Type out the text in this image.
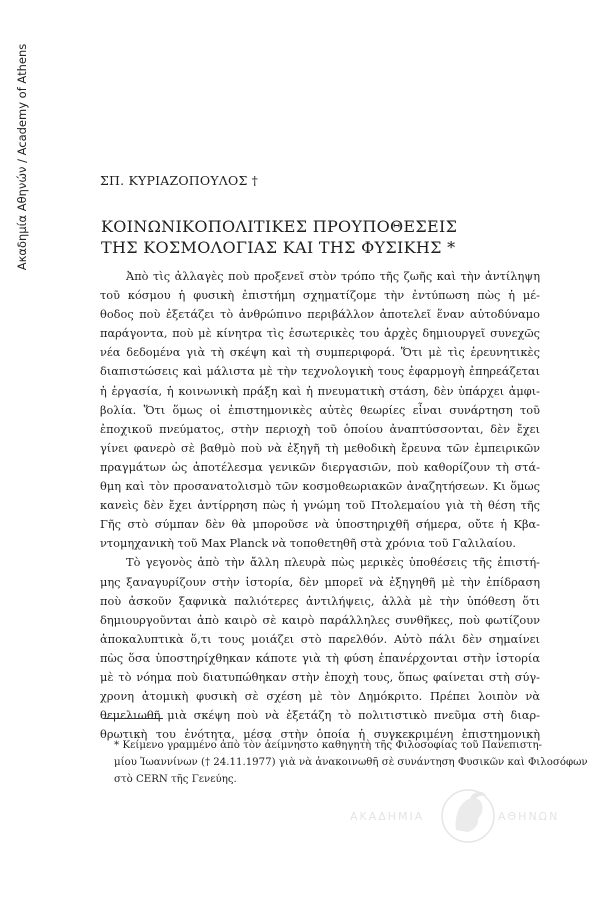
Ακαδημία Αθηνών / Academy of Athens	ΣΠ. ΚΥΡΙΑΖΟΠΟΥΛΟΣ †
ΚΟΙΝΩΝΙΚΟΠΟΛΙΤΙΚΕΣ ΠΡΟΥΠΟΘΕΣΕΙΣ
ΤΗΣ ΚΟΣΜΟΛΟΓΙΑΣ ΚΑΙ ΤΗΣ ΦΥΣΙΚΗΣ *
Ἀπὸ τὶς ἀλλαγὲς ποὺ προξενεῖ στὸν τρόπο τῆς ζωῆς καὶ τὴν ἀντίληψη
τοῦ κόσμου ἡ φυσικὴ ἐπιστήμη σχηματίζομε τὴν ἐντύπωση πὼς ἡ μέ-
θοδος ποὺ ἐξετάζει τὸ ἀνθρώπινο περιβάλλον ἀποτελεῖ ἕναν αὐτοδύναμο
παράγοντα, ποὺ μὲ κίνητρα τὶς ἐσωτερικὲς του ἀρχὲς δημιουργεῖ συνεχῶς
νέα δεδομένα γιὰ τὴ σκέψη καὶ τὴ συμπεριφορά. Ὅτι μὲ τὶς ἐρευνητικὲς
διαπιστώσεις καὶ μάλιστα μὲ τὴν τεχνολογικὴ τους ἐφαρμογὴ ἐπηρεάζεται
ἡ ἐργασία, ἡ κοινωνικὴ πράξη καὶ ἡ πνευματικὴ στάση, δὲν ὑπάρχει ἀμφι-
βολία. Ὅτι ὅμως οἱ ἐπιστημονικὲς αὐτὲς θεωρίες εἶναι συνάρτηση τοῦ
ἐποχικοῦ πνεύματος, στὴν περιοχὴ τοῦ ὁποίου ἀναπτύσσονται, δὲν ἔχει
γίνει φανερὸ σὲ βαθμὸ ποὺ νὰ ἐξηγῆ τὴ μεθοδικὴ ἔρευνα τῶν ἐμπειρικῶν
πραγμάτων ὡς ἀποτέλεσμα γενικῶν διεργασιῶν, ποὺ καθορίζουν τὴ στά-
θμη καὶ τὸν προσανατολισμὸ τῶν κοσμοθεωριακῶν ἀναζητήσεων. Κι ὅμως
κανεὶς δὲν ἔχει ἀντίρρηση πὼς ἡ γνώμη τοῦ Πτολεμαίου γιὰ τὴ θέση τῆς
Γῆς στὸ σύμπαν δὲν θὰ μποροῦσε νὰ ὑποστηριχθῆ σήμερα, οὔτε ἡ Κβα-
ντομηχανικὴ τοῦ Max Planck νὰ τοποθετηθῆ στὰ χρόνια τοῦ Γαλιλαίου.
Τὸ γεγονὸς ἀπὸ τὴν ἄλλη πλευρὰ πὼς μερικὲς ὑποθέσεις τῆς ἐπιστή-
μης ξαναγυρίζουν στὴν ἱστορία, δὲν μπορεῖ νὰ ἐξηγηθῆ μὲ τὴν ἐπίδραση
ποὺ ἀσκοῦν ξαφνικὰ παλιότερες ἀντιλήψεις, ἀλλὰ μὲ τὴν ὑπόθεση ὅτι
δημιουργοῦνται ἀπὸ καιρὸ σὲ καιρὸ παράλληλες συνθῆκες, ποὺ φωτίζουν
ἀποκαλυπτικὰ ὅ,τι τους μοιάζει στὸ παρελθόν. Αὐτὸ πάλι δὲν σημαίνει
πὼς ὅσα ὑποστηρίχθηκαν κάποτε γιὰ τὴ φύση ἐπανέρχονται στὴν ἱστορία
μὲ τὸ νόημα ποὺ διατυπώθηκαν στὴν ἐποχὴ τους, ὅπως φαίνεται στὴ σύγ-
χρονη ἀτομικὴ φυσικὴ σὲ σχέση μὲ τὸν Δημόκριτο. Πρέπει λοιπὸν νὰ
θεμελιωθῆ μιὰ σκέψη ποὺ νὰ ἐξετάζη τὸ πολιτιστικὸ πνεῦμα στὴ διαρ-
θρωτικὴ του ἑνότητα, μέσα στὴν ὁποία ἡ συγκεκριμένη ἐπιστημονικὴ
* Κείμενο γραμμένο ἀπὸ τὸν ἀείμνηστο καθηγητὴ τῆς Φιλοσοφίας τοῦ Πανεπιστη-
μίου Ἰωαννίνων († 24.11.1977) γιὰ νὰ ἀνακοινωθῆ σὲ συνάντηση Φυσικῶν καὶ Φιλοσόφων
στὸ CERN τῆς Γενεύης.
ΑΚΑΔΗΜΙΑ	ΑΘΗΝΩΝ
